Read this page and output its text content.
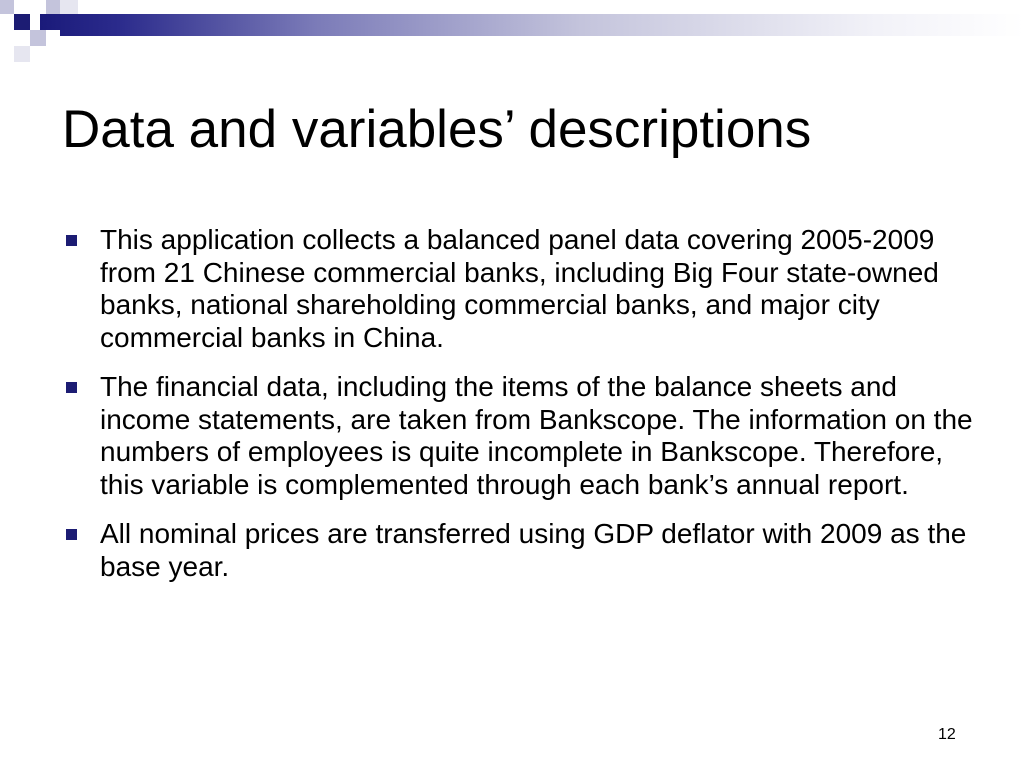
Data and variables’ descriptions
This application collects a balanced panel data covering 2005-2009 from 21 Chinese commercial banks, including Big Four state-owned banks, national shareholding commercial banks, and major city commercial banks in China.
The financial data, including the items of the balance sheets and income statements, are taken from Bankscope. The information on the numbers of employees is quite incomplete in Bankscope. Therefore, this variable is complemented through each bank’s annual report.
All nominal prices are transferred using GDP deflator with 2009 as the base year.
12
